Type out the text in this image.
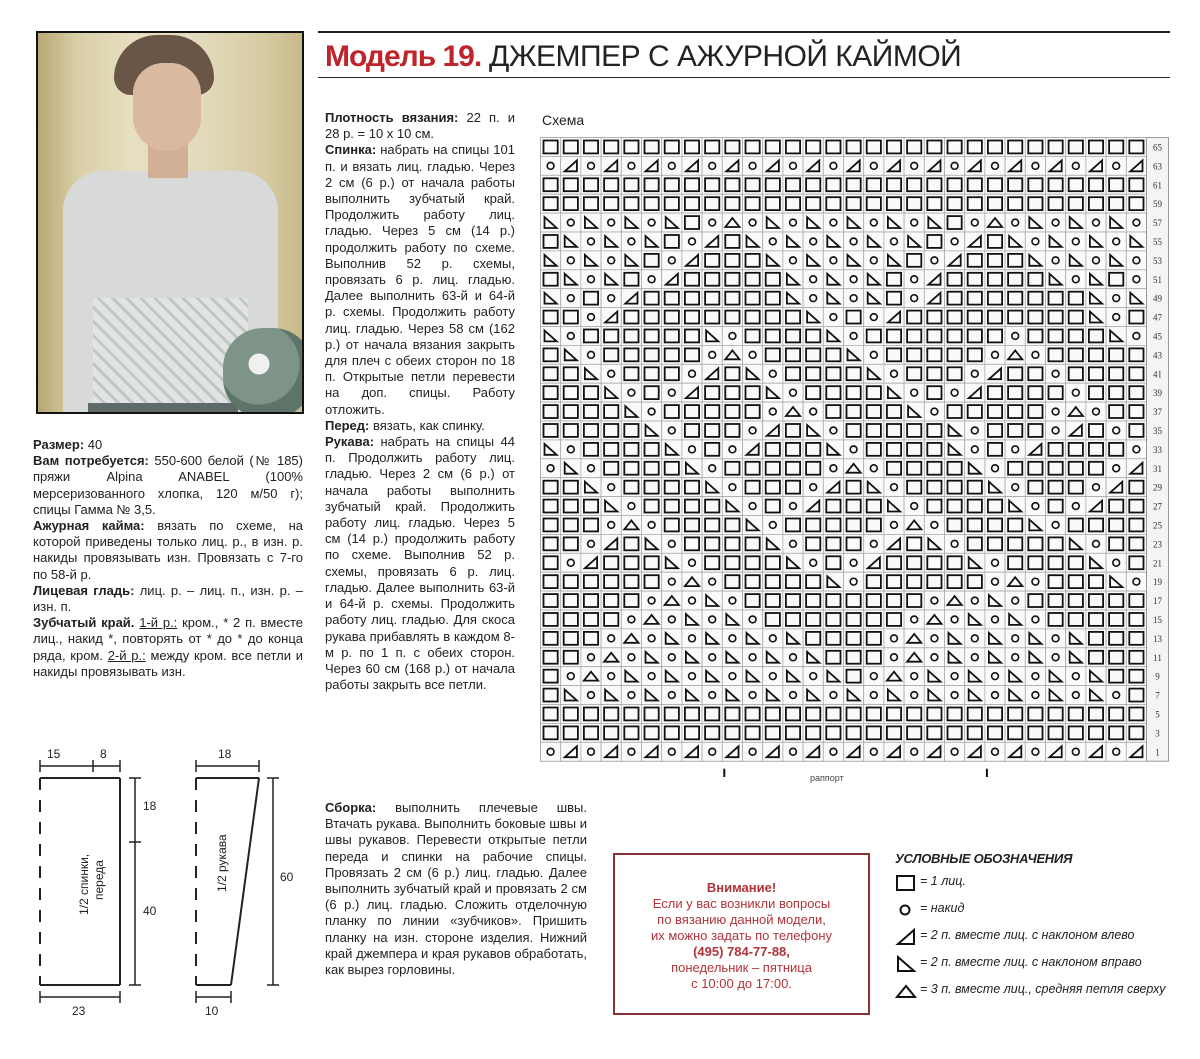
Модель 19. ДЖЕМПЕР С АЖУРНОЙ КАЙМОЙ

Размер: 40

Вам потребуется: 550-600 белой (№ 185) пряжи Alpina ANABEL (100% мерсеризованного хлопка, 120 м/50 г); спицы Гамма № 3,5.

Ажурная кайма: вязать по схеме, на которой приведены только лиц. р., в изн. р. накиды провязывать изн. Провязать с 7-го по 58-й р.

Лицевая гладь: лиц. р. – лиц. п., изн. р. – изн. п.

Зубчатый край. 1-й р.: кром., * 2 п. вместе лиц., накид *, повторять от * до * до конца ряда, кром. 2-й р.: между кром. все петли и накиды провязывать изн.

15	8
18
40
23
18
60
10
1/2 спинки, переда	1/2 рукава

Плотность вязания: 22 п. и 28 р. = 10 х 10 см.

Спинка: набрать на спицы 101 п. и вязать лиц. гладью. Через 2 см (6 р.) от начала работы выполнить зубчатый край. Продолжить работу лиц. гладью. Через 5 см (14 р.) продолжить работу по схеме. Выполнив 52 р. схемы, провязать 6 р. лиц. гладью. Далее выполнить 63-й и 64-й р. схемы. Продолжить работу лиц. гладью. Через 58 см (162 р.) от начала вязания закрыть для плеч с обеих сторон по 18 п. Открытые петли перевести на доп. спицы. Работу отложить.

Перед: вязать, как спинку.

Рукава: набрать на спицы 44 п. Продолжить работу лиц. гладью. Через 2 см (6 р.) от начала работы выполнить зубчатый край. Продолжить работу лиц. гладью. Через 5 см (14 р.) продолжить работу по схеме. Выполнив 52 р. схемы, провязать 6 р. лиц. гладью. Далее выполнить 63-й и 64-й р. схемы. Продолжить работу лиц. гладью. Для скоса рукава прибавлять в каждом 8-м р. по 1 п. с обеих сторон. Через 60 см (168 р.) от начала работы закрыть все петли.

Сборка: выполнить плечевые швы. Втачать рукава. Выполнить боковые швы и швы рукавов. Перевести открытые петли переда и спинки на рабочие спицы. Провязать 2 см (6 р.) лиц. гладью. Далее выполнить зубчатый край и провязать 2 см (6 р.) лиц. гладью. Сложить отделочную планку по линии «зубчиков». Пришить планку на изн. стороне изделия. Нижний край джемпера и края рукавов обработать, как вырез горловины.

Схема
65
63
61
59
57
55
53
51
49
47
45
43
41
39
37
35
33
31
29
27
25
23
21
19
17
15
13
11
9
7
5
3
1
раппорт
Внимание!
Если у вас возникли вопросы
по вязанию данной модели,
их можно задать по телефону
(495) 784-77-88,
понедельник – пятница
с 10:00 до 17:00.
УСЛОВНЫЕ ОБОЗНАЧЕНИЯ
= 1 лиц.
= накид
= 2 п. вместе лиц. с наклоном влево
= 2 п. вместе лиц. с наклоном вправо
= 3 п. вместе лиц., средняя петля сверху
